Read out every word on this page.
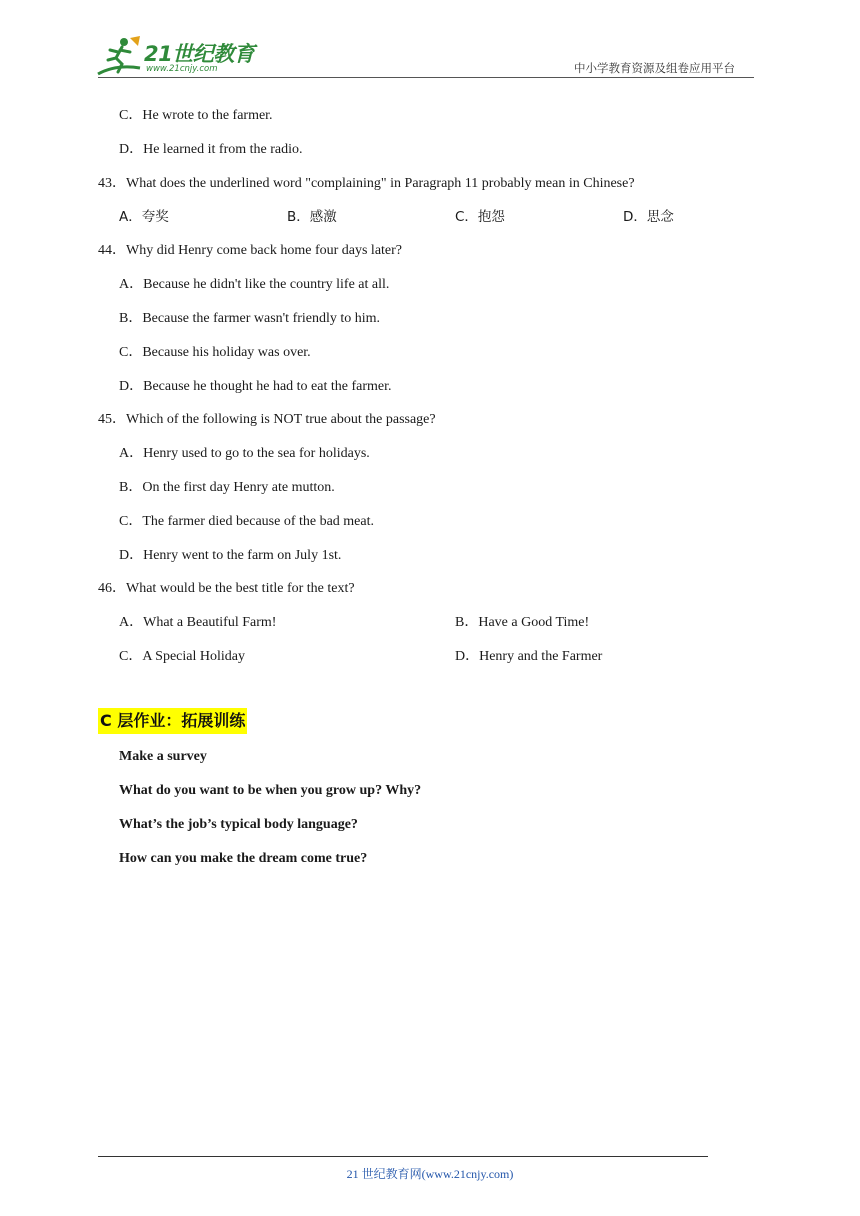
21世纪教育
www.21cnjy.com	中小学教育资源及组卷应用平台
C．He wrote to the farmer.
D．He learned it from the radio.
43．What does the underlined word "complaining" in Paragraph 11 probably mean in Chinese?
A．夸奖	B．感激	C．抱怨	D．思念
44．Why did Henry come back home four days later?
A．Because he didn't like the country life at all.
B．Because the farmer wasn't friendly to him.
C．Because his holiday was over.
D．Because he thought he had to eat the farmer.
45．Which of the following is NOT true about the passage?
A．Henry used to go to the sea for holidays.
B．On the first day Henry ate mutton.
C．The farmer died because of the bad meat.
D．Henry went to the farm on July 1st.
46．What would be the best title for the text?
A．What a Beautiful Farm!	B．Have a Good Time!
C．A Special Holiday	D．Henry and the Farmer
C 层作业：拓展训练
Make a survey
What do you want to be when you grow up? Why?
What’s the job’s typical body language?
How can you make the dream come true?
21 世纪教育网(www.21cnjy.com)
